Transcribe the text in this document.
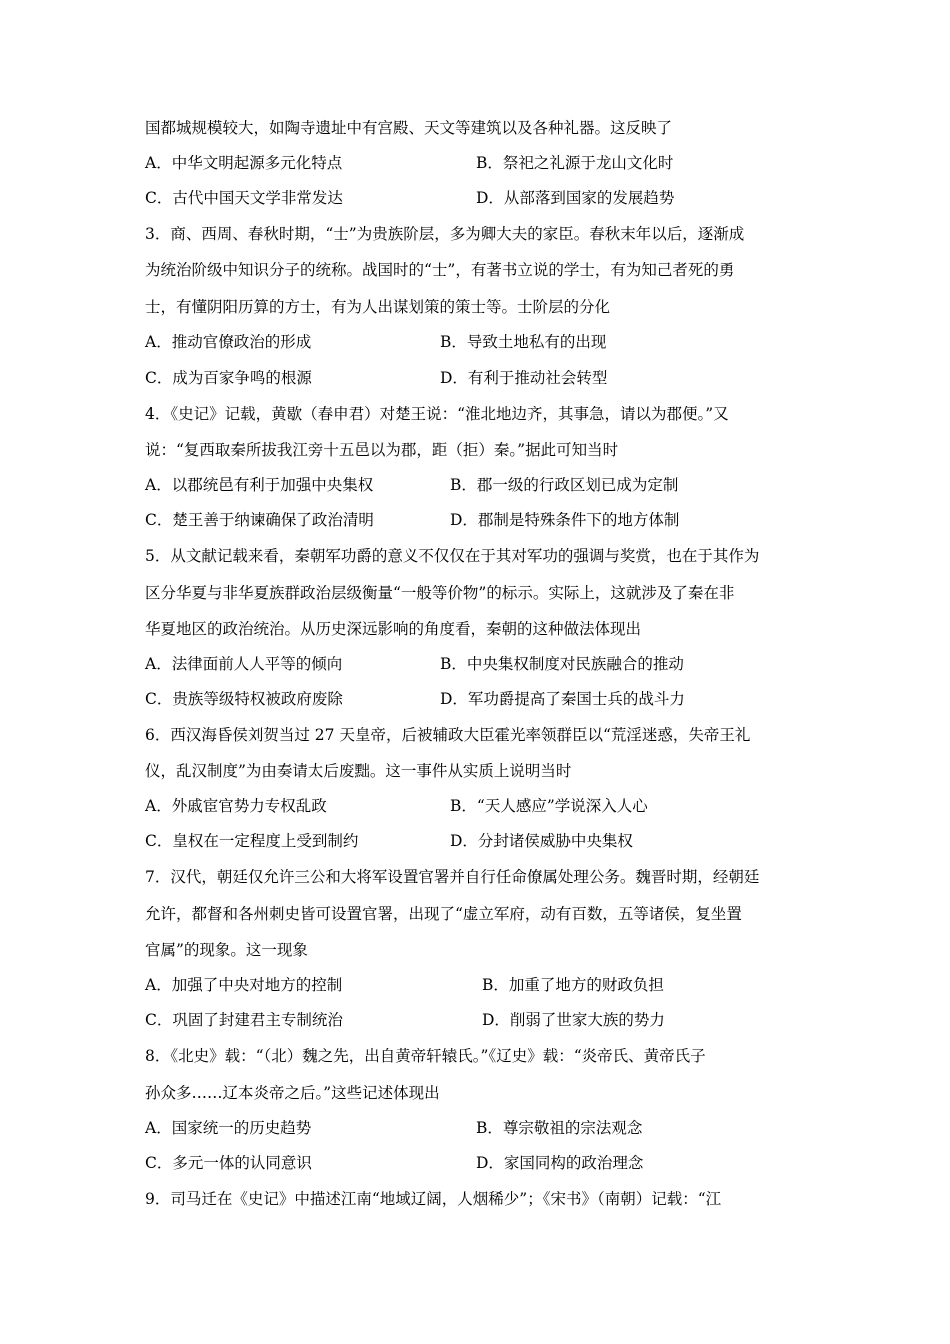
国都城规模较大，如陶寺遗址中有宫殿、天文等建筑以及各种礼器。这反映了
A．中华文明起源多元化特点	B．祭祀之礼源于龙山文化时
C．古代中国天文学非常发达	D．从部落到国家的发展趋势
3．商、西周、春秋时期，“士”为贵族阶层，多为卿大夫的家臣。春秋末年以后，逐渐成
为统治阶级中知识分子的统称。战国时的“士”，有著书立说的学士，有为知己者死的勇
士，有懂阴阳历算的方士，有为人出谋划策的策士等。士阶层的分化
A．推动官僚政治的形成	B．导致土地私有的出现
C．成为百家争鸣的根源	D．有利于推动社会转型
4．《史记》记载，黄歇（春申君）对楚王说：“淮北地边齐，其事急，请以为郡便。”又
说：“复西取秦所拔我江旁十五邑以为郡，距（拒）秦。”据此可知当时
A．以郡统邑有利于加强中央集权	B．郡一级的行政区划已成为定制
C．楚王善于纳谏确保了政治清明	D．郡制是特殊条件下的地方体制
5．从文献记载来看，秦朝军功爵的意义不仅仅在于其对军功的强调与奖赏，也在于其作为
区分华夏与非华夏族群政治层级衡量“一般等价物”的标示。实际上，这就涉及了秦在非
华夏地区的政治统治。从历史深远影响的角度看，秦朝的这种做法体现出
A．法律面前人人平等的倾向	B．中央集权制度对民族融合的推动
C．贵族等级特权被政府废除	D．军功爵提高了秦国士兵的战斗力
6．西汉海昏侯刘贺当过 27 天皇帝，后被辅政大臣霍光率领群臣以“荒淫迷惑，失帝王礼
仪，乱汉制度”为由奏请太后废黜。这一事件从实质上说明当时
A．外戚宦官势力专权乱政	B．“天人感应”学说深入人心
C．皇权在一定程度上受到制约	D．分封诸侯威胁中央集权
7．汉代，朝廷仅允许三公和大将军设置官署并自行任命僚属处理公务。魏晋时期，经朝廷
允许，都督和各州刺史皆可设置官署，出现了“虚立军府，动有百数，五等诸侯，复坐置
官属”的现象。这一现象
A．加强了中央对地方的控制	B．加重了地方的财政负担
C．巩固了封建君主专制统治	D．削弱了世家大族的势力
8．《北史》载：“（北）魏之先，出自黄帝轩辕氏。”《辽史》载：“炎帝氏、黄帝氏子
孙众多……辽本炎帝之后。”这些记述体现出
A．国家统一的历史趋势	B．尊宗敬祖的宗法观念
C．多元一体的认同意识	D．家国同构的政治理念
9．司马迁在《史记》中描述江南“地域辽阔，人烟稀少”；《宋书》（南朝）记载：“江
